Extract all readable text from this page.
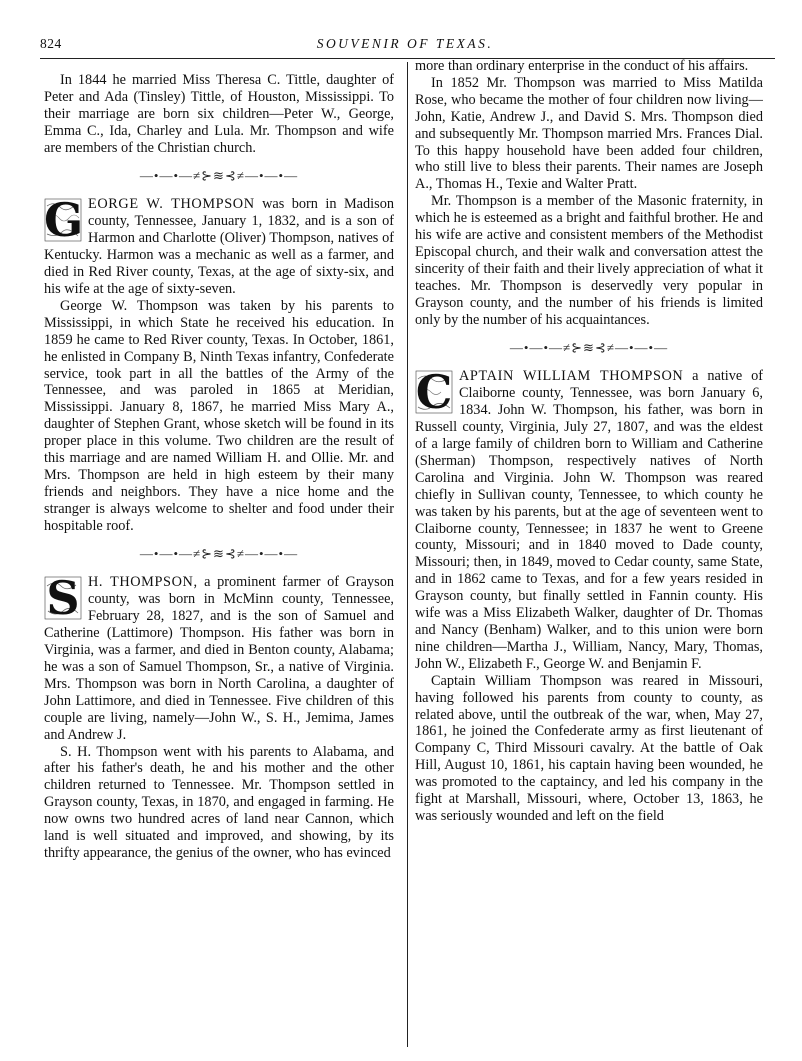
824	SOUVENIR OF TEXAS.

In 1844 he married Miss Theresa C. Tittle, daughter of Peter and Ada (Tinsley) Tittle, of Houston, Mississippi. To their marriage are born six children—Peter W., George, Emma C., Ida, Charley and Lula. Mr. Thompson and wife are members of the Christian church.

—•—•—≠⊱≋⊰≠—•—•—
G EORGE W. THOMPSON was born in Madison county, Tennessee, January 1, 1832, and is a son of Harmon and Charlotte (Oliver) Thompson, natives of Kentucky. Harmon was a mechanic as well as a farmer, and died in Red River county, Texas, at the age of sixty-six, and his wife at the age of sixty-seven.

George W. Thompson was taken by his parents to Mississippi, in which State he received his education. In 1859 he came to Red River county, Texas. In October, 1861, he enlisted in Company B, Ninth Texas infantry, Confederate service, took part in all the battles of the Army of the Tennessee, and was paroled in 1865 at Meridian, Mississippi. January 8, 1867, he married Miss Mary A., daughter of Stephen Grant, whose sketch will be found in its proper place in this volume. Two children are the result of this marriage and are named William H. and Ollie. Mr. and Mrs. Thompson are held in high esteem by their many friends and neighbors. They have a nice home and the stranger is always welcome to shelter and food under their hospitable roof.

—•—•—≠⊱≋⊰≠—•—•—
S H. THOMPSON, a prominent farmer of Grayson county, was born in McMinn county, Tennessee, February 28, 1827, and is the son of Samuel and Catherine (Lattimore) Thompson. His father was born in Virginia, was a farmer, and died in Benton county, Alabama; he was a son of Samuel Thompson, Sr., a native of Virginia. Mrs. Thompson was born in North Carolina, a daughter of John Lattimore, and died in Tennessee. Five children of this couple are living, namely—John W., S. H., Jemima, James and Andrew J.

S. H. Thompson went with his parents to Alabama, and after his father's death, he and his mother and the other children returned to Tennessee. Mr. Thompson settled in Grayson county, Texas, in 1870, and engaged in farming. He now owns two hundred acres of land near Cannon, which land is well situated and improved, and showing, by its thrifty appearance, the genius of the owner, who has evinced

more than ordinary enterprise in the conduct of his affairs.

In 1852 Mr. Thompson was married to Miss Matilda Rose, who became the mother of four children now living—John, Katie, Andrew J., and David S. Mrs. Thompson died and subsequently Mr. Thompson married Mrs. Frances Dial. To this happy household have been added four children, who still live to bless their parents. Their names are Joseph A., Thomas H., Texie and Walter Pratt.

Mr. Thompson is a member of the Masonic fraternity, in which he is esteemed as a bright and faithful brother. He and his wife are active and consistent members of the Methodist Episcopal church, and their walk and conversation attest the sincerity of their faith and their lively appreciation of what it teaches. Mr. Thompson is deservedly very popular in Grayson county, and the number of his friends is limited only by the number of his acquaintances.

—•—•—≠⊱≋⊰≠—•—•—
C APTAIN WILLIAM THOMPSON a native of Claiborne county, Tennessee, was born January 6, 1834. John W. Thompson, his father, was born in Russell county, Virginia, July 27, 1807, and was the eldest of a large family of children born to William and Catherine (Sherman) Thompson, respectively natives of North Carolina and Virginia. John W. Thompson was reared chiefly in Sullivan county, Tennessee, to which county he was taken by his parents, but at the age of seventeen went to Claiborne county, Tennessee; in 1837 he went to Greene county, Missouri; and in 1840 moved to Dade county, Missouri; then, in 1849, moved to Cedar county, same State, and in 1862 came to Texas, and for a few years resided in Grayson county, but finally settled in Fannin county. His wife was a Miss Elizabeth Walker, daughter of Dr. Thomas and Nancy (Benham) Walker, and to this union were born nine children—Martha J., William, Nancy, Mary, Thomas, John W., Elizabeth F., George W. and Benjamin F.

Captain William Thompson was reared in Missouri, having followed his parents from county to county, as related above, until the outbreak of the war, when, May 27, 1861, he joined the Confederate army as first lieutenant of Company C, Third Missouri cavalry. At the battle of Oak Hill, August 10, 1861, his captain having been wounded, he was promoted to the captaincy, and led his company in the fight at Marshall, Missouri, where, October 13, 1863, he was seriously wounded and left on the field
